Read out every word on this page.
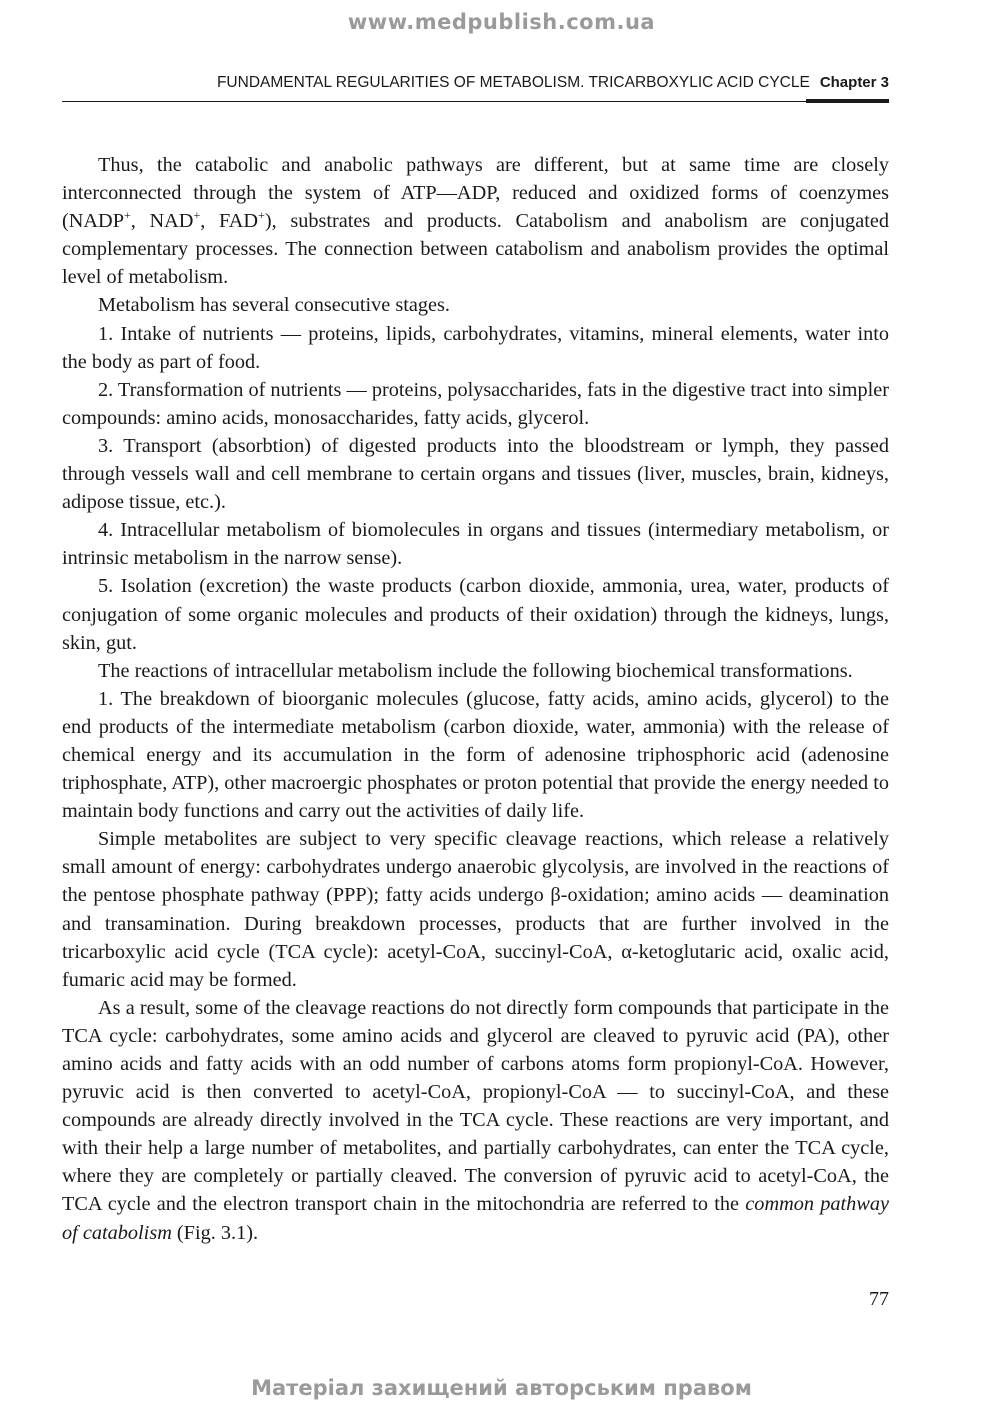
www.medpublish.com.ua
FUNDAMENTAL REGULARITIES OF METABOLISM. TRICARBOXYLIC ACID CYCLE Chapter 3

Thus, the catabolic and anabolic pathways are different, but at same time are closely interconnected through the system of ATP—ADP, reduced and oxidized forms of coenzymes (NADP+, NAD+, FAD+), substrates and products. Catabolism and anabolism are conjugated complementary processes. The connection between catabolism and anabolism provides the optimal level of metabolism.

Metabolism has several consecutive stages.

1. Intake of nutrients — proteins, lipids, carbohydrates, vitamins, mineral elements, water into the body as part of food.

2. Transformation of nutrients — proteins, polysaccharides, fats in the digestive tract into simpler compounds: amino acids, monosaccharides, fatty acids, glycerol.

3. Transport (absorbtion) of digested products into the bloodstream or lymph, they passed through vessels wall and cell membrane to certain organs and tissues (liver, muscles, brain, kidneys, adipose tissue, etc.).

4. Intracellular metabolism of biomolecules in organs and tissues (intermediary metabolism, or intrinsic metabolism in the narrow sense).

5. Isolation (excretion) the waste products (carbon dioxide, ammonia, urea, water, products of conjugation of some organic molecules and products of their oxidation) through the kidneys, lungs, skin, gut.

The reactions of intracellular metabolism include the following biochemical transformations.

1. The breakdown of bioorganic molecules (glucose, fatty acids, amino acids, glycerol) to the end products of the intermediate metabolism (carbon dioxide, water, ammonia) with the release of chemical energy and its accumulation in the form of adenosine triphosphoric acid (adenosine triphosphate, ATP), other macroergic phosphates or proton potential that provide the energy needed to maintain body functions and carry out the activities of daily life.

Simple metabolites are subject to very specific cleavage reactions, which release a relatively small amount of energy: carbohydrates undergo anaerobic glycolysis, are involved in the reactions of the pentose phosphate pathway (PPP); fatty acids undergo β-oxidation; amino acids — deamination and transamination. During breakdown processes, products that are further involved in the tricarboxylic acid cycle (TCA cycle): acetyl-CoA, succinyl-CoA, α-ketoglutaric acid, oxalic acid, fumaric acid may be formed.

As a result, some of the cleavage reactions do not directly form compounds that participate in the TCA cycle: carbohydrates, some amino acids and glycerol are cleaved to pyruvic acid (PA), other amino acids and fatty acids with an odd number of carbons atoms form propionyl-CoA. However, pyruvic acid is then converted to acetyl-CoA, propionyl-CoA — to succinyl-CoA, and these compounds are already directly involved in the TCA cycle. These reactions are very important, and with their help a large number of metabolites, and partially carbohydrates, can enter the TCA cycle, where they are completely or partially cleaved. The conversion of pyruvic acid to acetyl-CoA, the TCA cycle and the electron transport chain in the mitochondria are referred to the common pathway of catabolism (Fig. 3.1).

77
Матеріал захищений авторським правом
